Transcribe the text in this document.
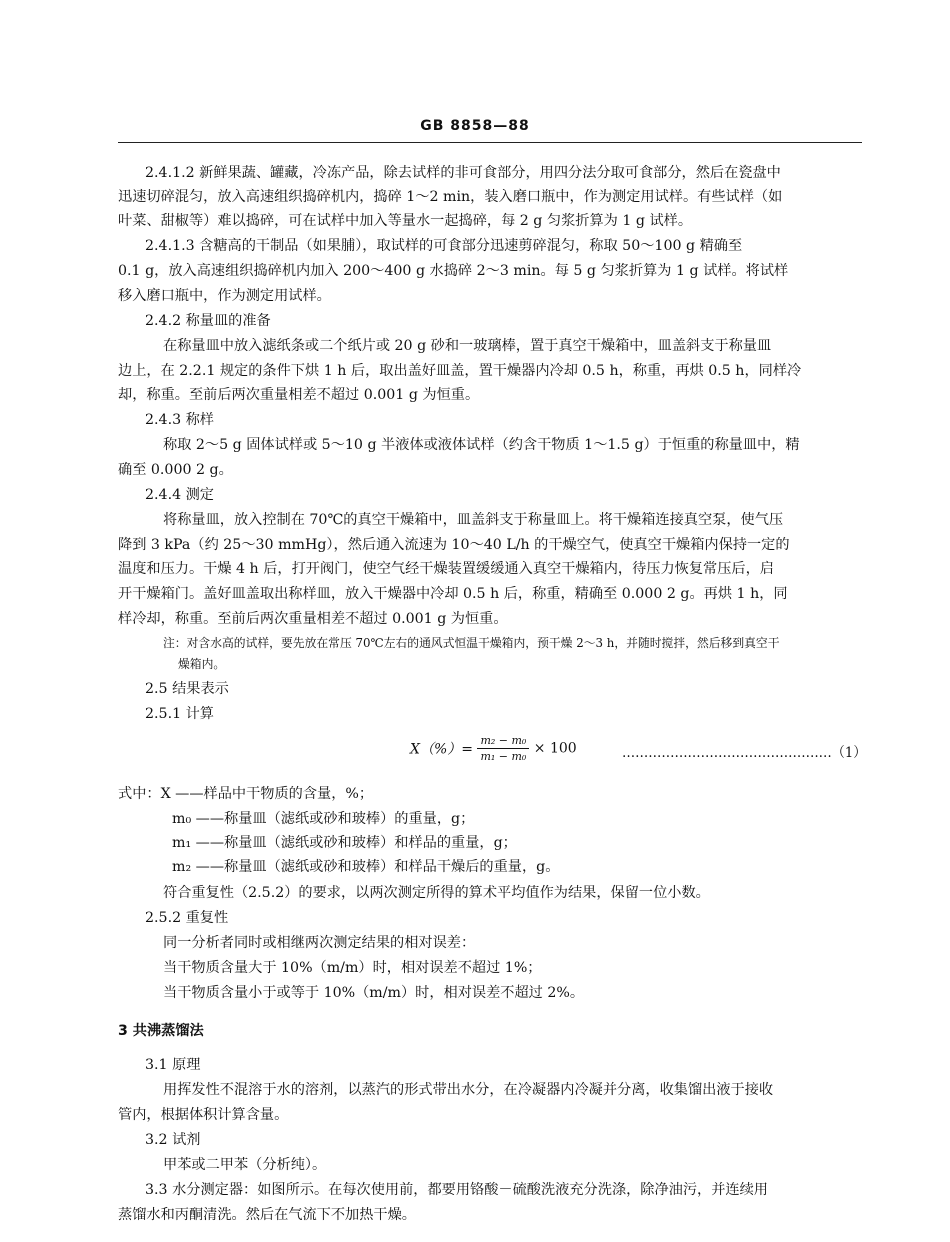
GB 8858—88
2.4.1.2 新鲜果蔬、罐藏，冷冻产品，除去试样的非可食部分，用四分法分取可食部分，然后在瓷盘中
迅速切碎混匀，放入高速组织捣碎机内，捣碎 1～2 min，装入磨口瓶中，作为测定用试样。有些试样（如
叶菜、甜椒等）难以捣碎，可在试样中加入等量水一起捣碎，每 2 g 匀浆折算为 1 g 试样。
2.4.1.3 含糖高的干制品（如果脯），取试样的可食部分迅速剪碎混匀，称取 50～100 g 精确至
0.1 g，放入高速组织捣碎机内加入 200～400 g 水捣碎 2～3 min。每 5 g 匀浆折算为 1 g 试样。将试样
移入磨口瓶中，作为测定用试样。
2.4.2 称量皿的准备
在称量皿中放入滤纸条或二个纸片或 20 g 砂和一玻璃棒，置于真空干燥箱中，皿盖斜支于称量皿
边上，在 2.2.1 规定的条件下烘 1 h 后，取出盖好皿盖，置干燥器内冷却 0.5 h，称重，再烘 0.5 h，同样冷
却，称重。至前后两次重量相差不超过 0.001 g 为恒重。
2.4.3 称样
称取 2～5 g 固体试样或 5～10 g 半液体或液体试样（约含干物质 1～1.5 g）于恒重的称量皿中，精
确至 0.000 2 g。
2.4.4 测定
将称量皿，放入控制在 70℃的真空干燥箱中，皿盖斜支于称量皿上。将干燥箱连接真空泵，使气压
降到 3 kPa（约 25～30 mmHg），然后通入流速为 10～40 L/h 的干燥空气，使真空干燥箱内保持一定的
温度和压力。干燥 4 h 后，打开阀门，使空气经干燥装置缓缓通入真空干燥箱内，待压力恢复常压后，启
开干燥箱门。盖好皿盖取出称样皿，放入干燥器中冷却 0.5 h 后，称重，精确至 0.000 2 g。再烘 1 h，同
样冷却，称重。至前后两次重量相差不超过 0.001 g 为恒重。
注：对含水高的试样，要先放在常压 70℃左右的通风式恒温干燥箱内，预干燥 2～3 h，并随时搅拌，然后移到真空干
燥箱内。
2.5 结果表示
2.5.1 计算
$X(\%)= \frac{\text{m₂ − m₀}}{\text{m₁ − m₀}} \times 100$	…………………………………………（1）
式中：X ——样品中干物质的含量，%；
m₀ ——称量皿（滤纸或砂和玻棒）的重量，g；
m₁ ——称量皿（滤纸或砂和玻棒）和样品的重量，g；
m₂ ——称量皿（滤纸或砂和玻棒）和样品干燥后的重量，g。
符合重复性（2.5.2）的要求，以两次测定所得的算术平均值作为结果，保留一位小数。
2.5.2 重复性
同一分析者同时或相继两次测定结果的相对误差：
当干物质含量大于 10%（m/m）时，相对误差不超过 1%；
当干物质含量小于或等于 10%（m/m）时，相对误差不超过 2%。
3 共沸蒸馏法
3.1 原理
用挥发性不混溶于水的溶剂，以蒸汽的形式带出水分，在冷凝器内冷凝并分离，收集馏出液于接收
管内，根据体积计算含量。
3.2 试剂
甲苯或二甲苯（分析纯）。
3.3 水分测定器：如图所示。在每次使用前，都要用铬酸－硫酸洗液充分洗涤，除净油污，并连续用
蒸馏水和丙酮清洗。然后在气流下不加热干燥。
